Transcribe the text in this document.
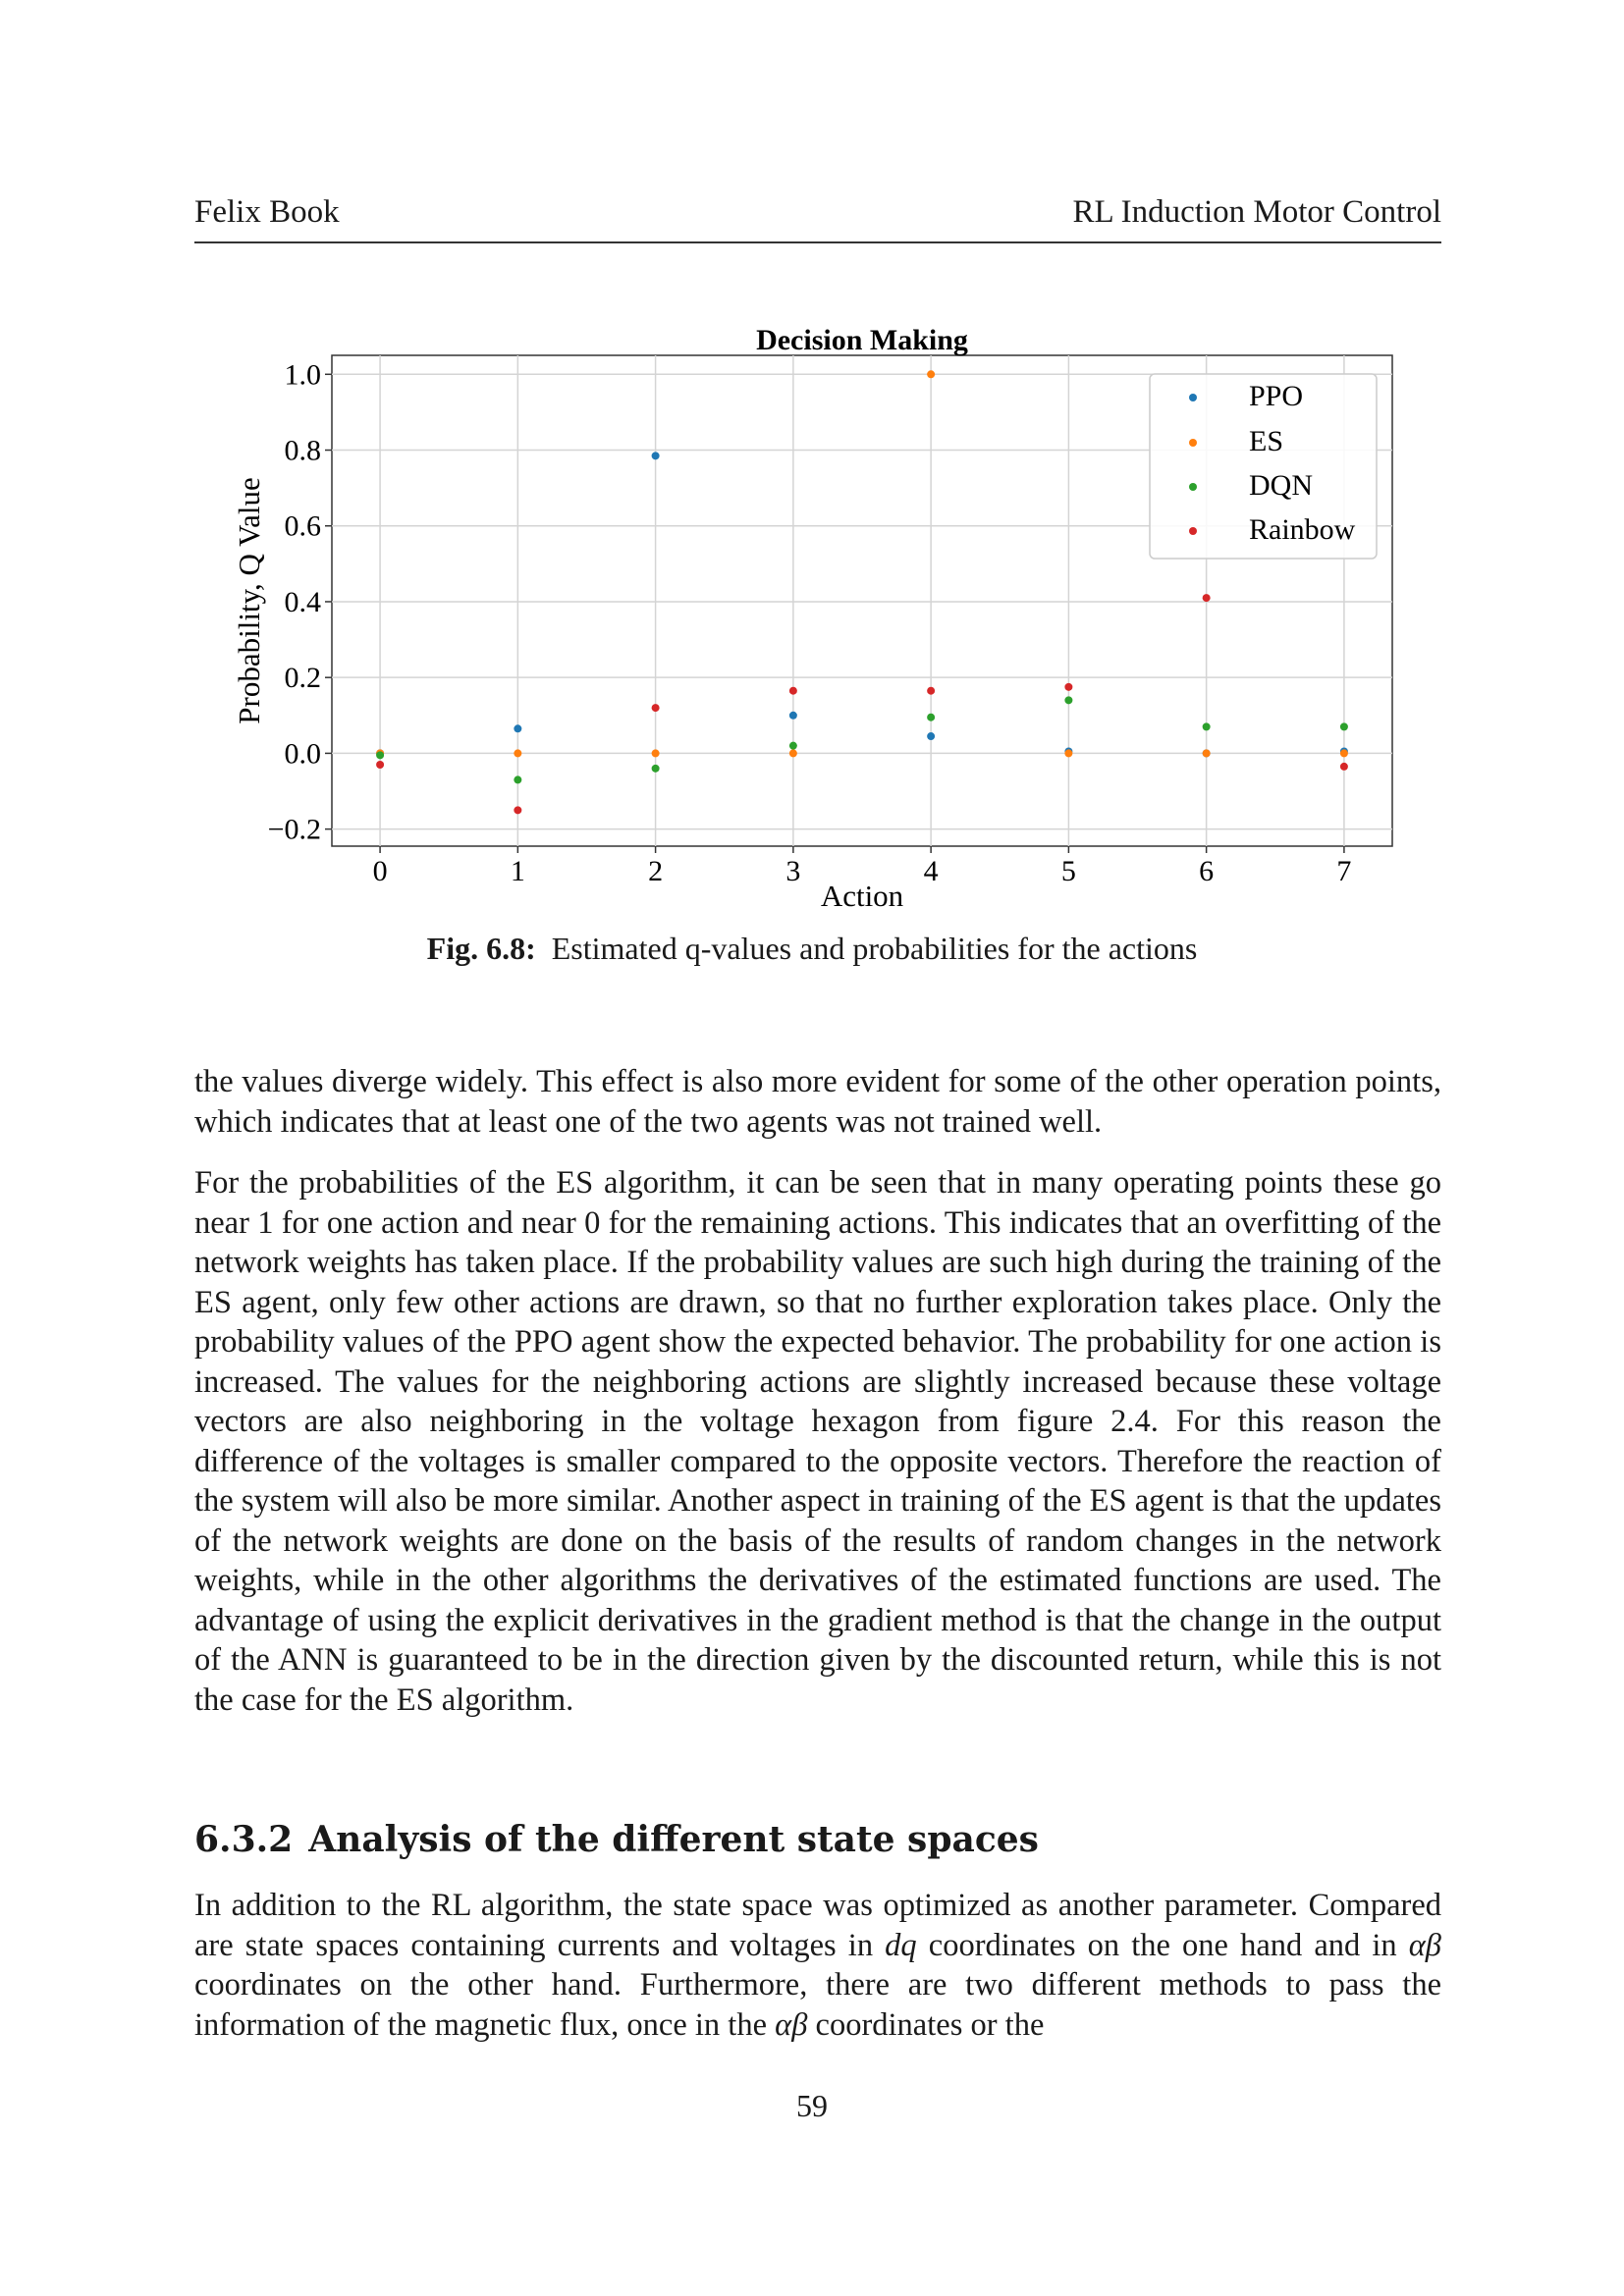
Felix Book	RL Induction Motor Control
0	1	2	3	4	5	6	7
−0.2
0.0
0.2
0.4
0.6
0.8
1.0
Decision Making
Action
Probability, Q Value
PPO
ES
DQN
Rainbow
Fig. 6.8: Estimated q-values and probabilities for the actions

the values diverge widely. This effect is also more evident for some of the other operation points, which indicates that at least one of the two agents was not trained well.

For the probabilities of the ES algorithm, it can be seen that in many operating points these go near 1 for one action and near 0 for the remaining actions. This indicates that an overfitting of the network weights has taken place. If the probability values are such high during the training of the ES agent, only few other actions are drawn, so that no further exploration takes place. Only the probability values of the PPO agent show the expected behavior. The probability for one action is increased. The values for the neighboring actions are slightly increased because these voltage vectors are also neighboring in the voltage hexagon from figure 2.4. For this reason the difference of the voltages is smaller compared to the opposite vectors. Therefore the reaction of the system will also be more similar. Another aspect in training of the ES agent is that the updates of the network weights are done on the basis of the results of random changes in the network weights, while in the other algorithms the derivatives of the estimated functions are used. The advantage of using the explicit derivatives in the gradient method is that the change in the output of the ANN is guaranteed to be in the direction given by the discounted return, while this is not the case for the ES algorithm.

6.3.2 Analysis of the different state spaces

In addition to the RL algorithm, the state space was optimized as another parameter. Compared are state spaces containing currents and voltages in dq coordinates on the one hand and in αβ coordinates on the other hand. Furthermore, there are two different methods to pass the information of the magnetic flux, once in the αβ coordinates or the

59
